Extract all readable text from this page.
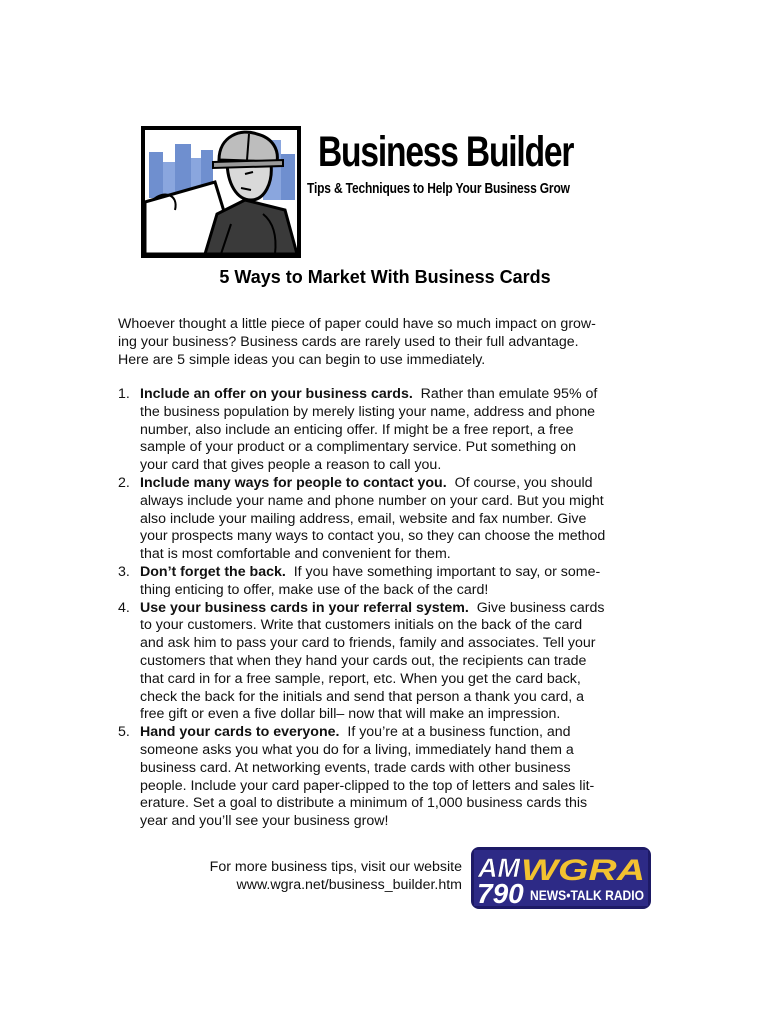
Business Builder
Tips & Techniques to Help Your Business Grow
5 Ways to Market With Business Cards

Whoever thought a little piece of paper could have so much impact on grow-

ing your business? Business cards are rarely used to their full advantage.

Here are 5 simple ideas you can begin to use immediately.

1. Include an offer on your business cards. Rather than emulate 95% of
the business population by merely listing your name, address and phone
number, also include an enticing offer. If might be a free report, a free
sample of your product or a complimentary service. Put something on
your card that gives people a reason to call you.
2. Include many ways for people to contact you. Of course, you should
always include your name and phone number on your card. But you might
also include your mailing address, email, website and fax number. Give
your prospects many ways to contact you, so they can choose the method
that is most comfortable and convenient for them.
3. Don’t forget the back. If you have something important to say, or some-
thing enticing to offer, make use of the back of the card!
4. Use your business cards in your referral system. Give business cards
to your customers. Write that customers initials on the back of the card
and ask him to pass your card to friends, family and associates. Tell your
customers that when they hand your cards out, the recipients can trade
that card in for a free sample, report, etc. When you get the card back,
check the back for the initials and send that person a thank you card, a
free gift or even a five dollar bill– now that will make an impression.
5. Hand your cards to everyone. If you’re at a business function, and
someone asks you what you do for a living, immediately hand them a
business card. At networking events, trade cards with other business
people. Include your card paper-clipped to the top of letters and sales lit-
erature. Set a goal to distribute a minimum of 1,000 business cards this
year and you’ll see your business grow!
For more business tips, visit our website
www.wgra.net/business_builder.htm
AM
790
WGRA
NEWS•TALK RADIO
